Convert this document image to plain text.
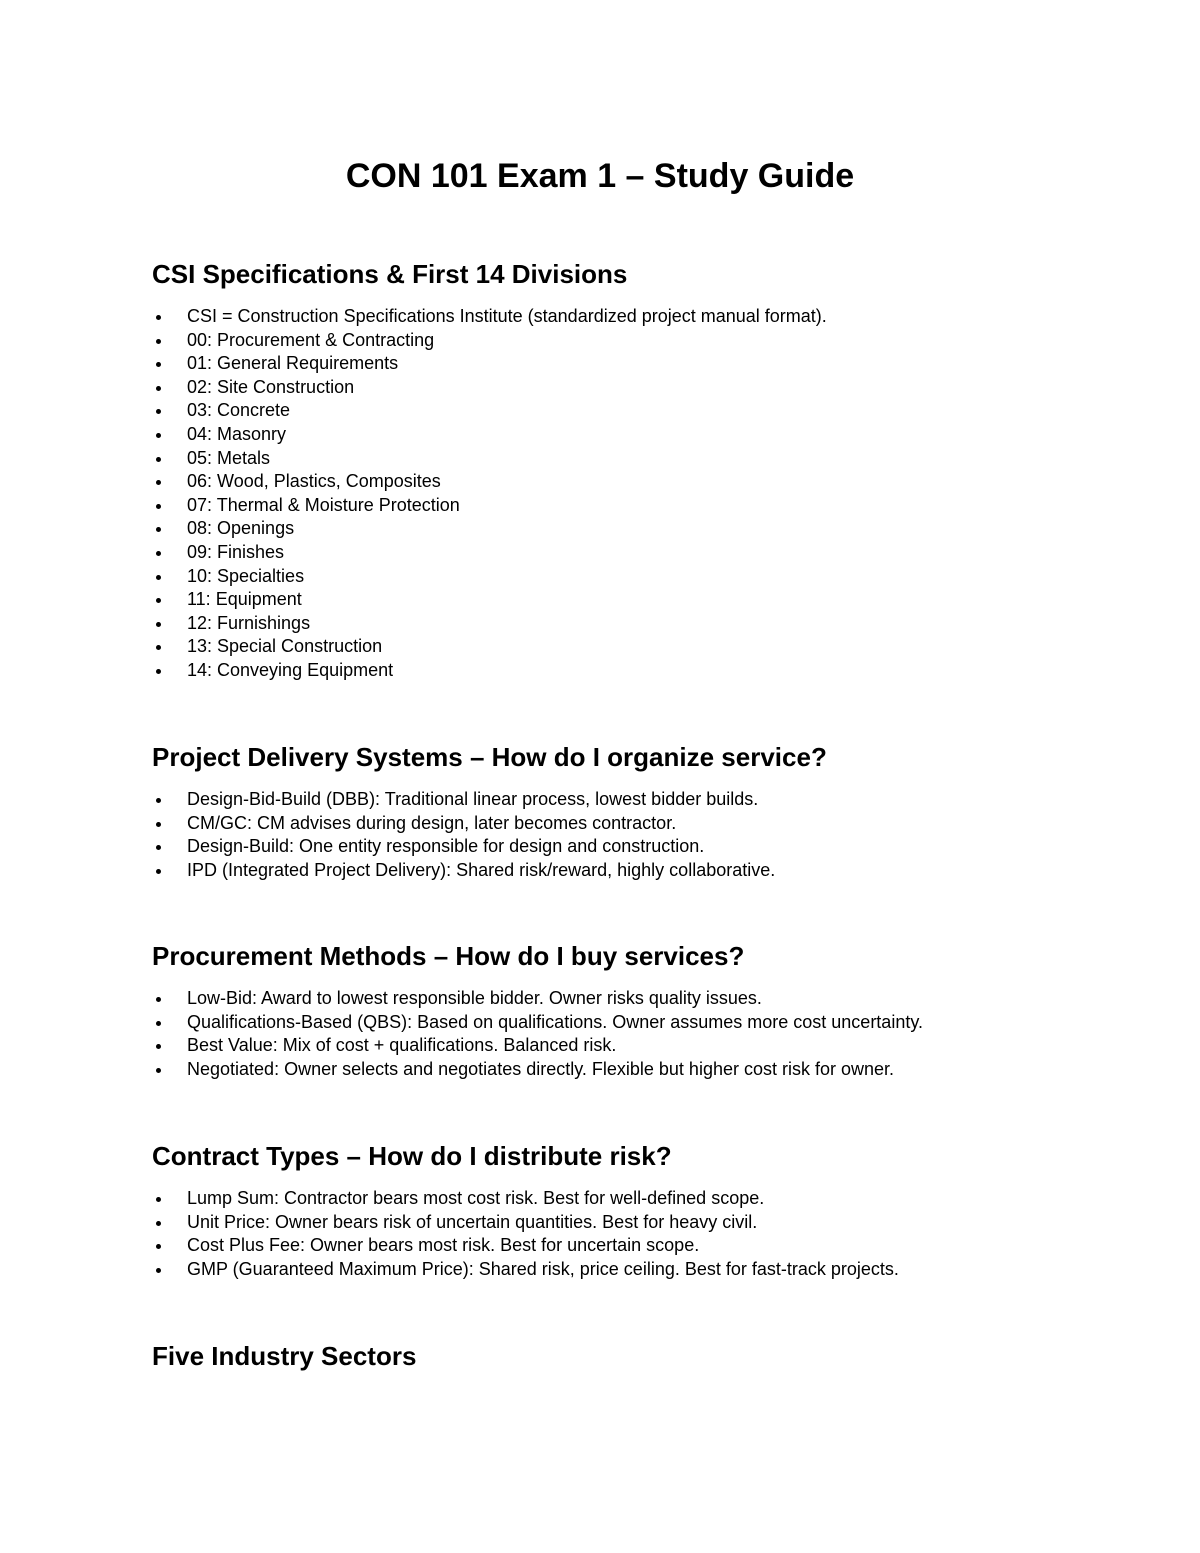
CON 101 Exam 1 – Study Guide
CSI Specifications & First 14 Divisions
CSI = Construction Specifications Institute (standardized project manual format).
00: Procurement & Contracting
01: General Requirements
02: Site Construction
03: Concrete
04: Masonry
05: Metals
06: Wood, Plastics, Composites
07: Thermal & Moisture Protection
08: Openings
09: Finishes
10: Specialties
11: Equipment
12: Furnishings
13: Special Construction
14: Conveying Equipment
Project Delivery Systems – How do I organize service?
Design-Bid-Build (DBB): Traditional linear process, lowest bidder builds.
CM/GC: CM advises during design, later becomes contractor.
Design-Build: One entity responsible for design and construction.
IPD (Integrated Project Delivery): Shared risk/reward, highly collaborative.
Procurement Methods – How do I buy services?
Low-Bid: Award to lowest responsible bidder. Owner risks quality issues.
Qualifications-Based (QBS): Based on qualifications. Owner assumes more cost uncertainty.
Best Value: Mix of cost + qualifications. Balanced risk.
Negotiated: Owner selects and negotiates directly. Flexible but higher cost risk for owner.
Contract Types – How do I distribute risk?
Lump Sum: Contractor bears most cost risk. Best for well-defined scope.
Unit Price: Owner bears risk of uncertain quantities. Best for heavy civil.
Cost Plus Fee: Owner bears most risk. Best for uncertain scope.
GMP (Guaranteed Maximum Price): Shared risk, price ceiling. Best for fast-track projects.
Five Industry Sectors
